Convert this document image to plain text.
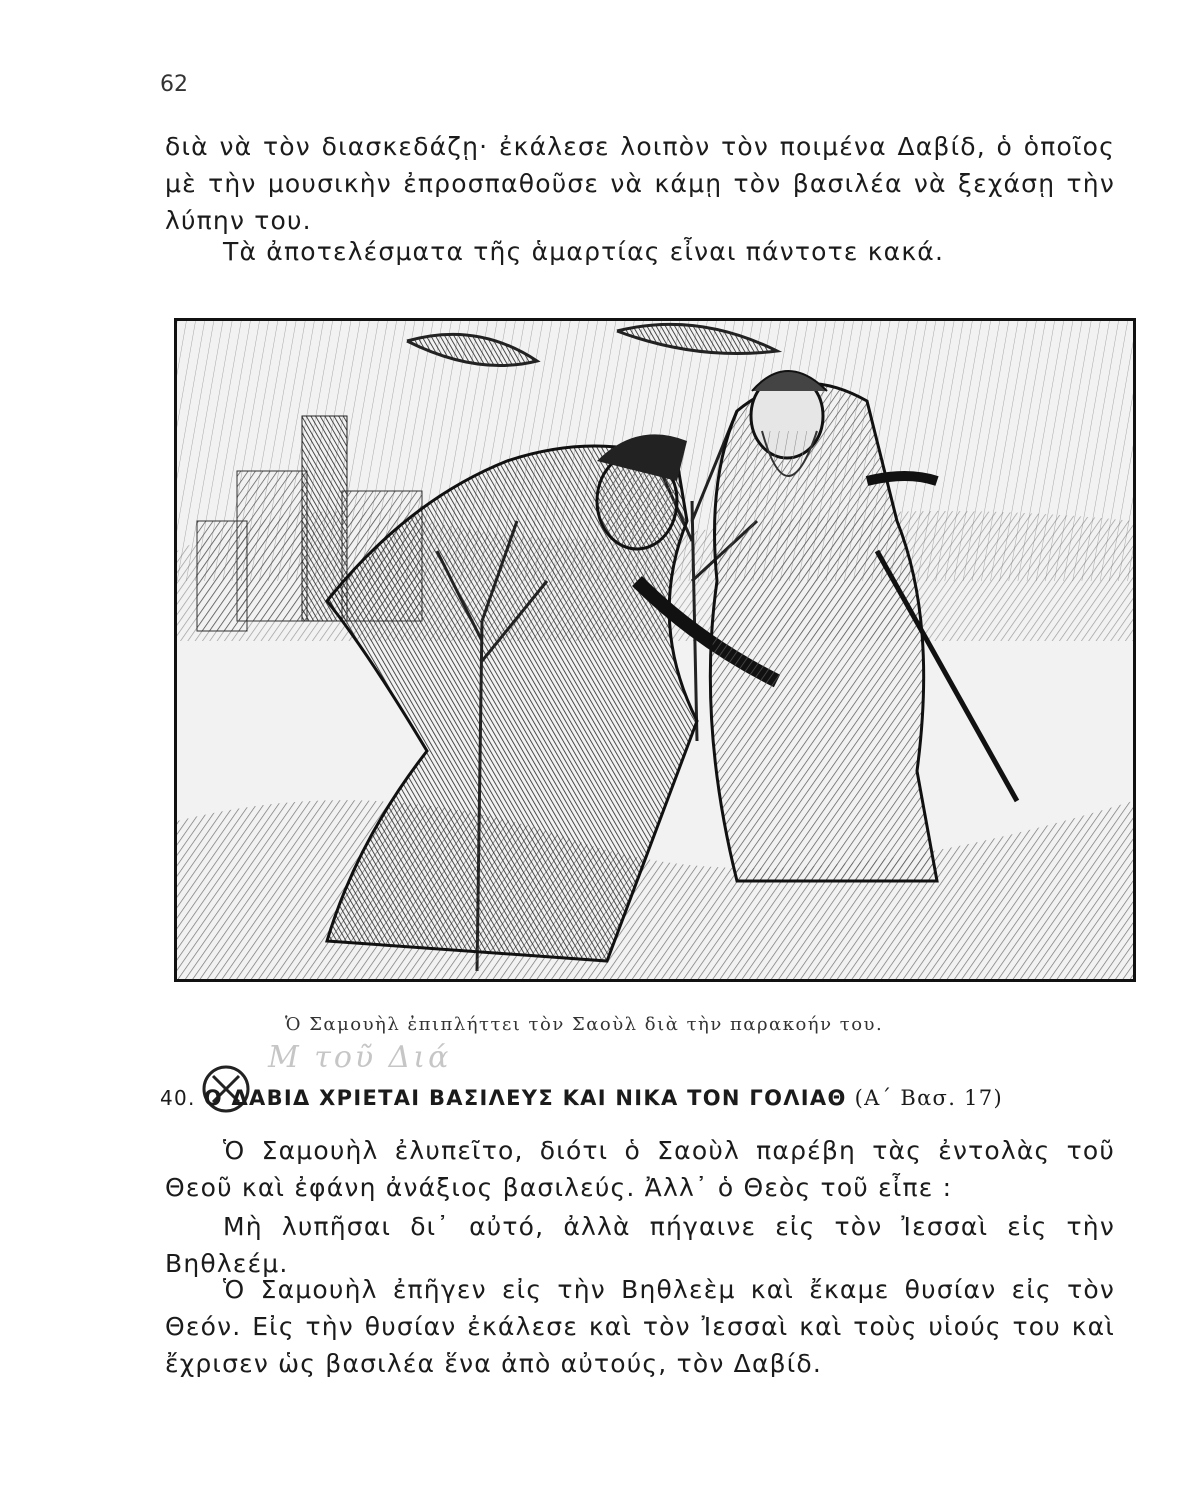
62

διὰ νὰ τὸν διασκεδάζῃ· ἐκάλεσε λοιπὸν τὸν ποιμένα Δαβίδ, ὁ ὁποῖος μὲ τὴν μουσικὴν ἐπροσπαθοῦσε νὰ κάμῃ τὸν βασιλέα νὰ ξεχάσῃ τὴν λύπην του.

Τὰ ἀποτελέσματα τῆς ἁμαρτίας εἶναι πάντοτε κακά.

Ὁ Σαμουὴλ ἐπιπλήττει τὸν Σαοὺλ διὰ τὴν παρακοήν του.
M τοῦ Διά
40. Ο ΔΑΒΙΔ ΧΡΙΕΤΑΙ ΒΑΣΙΛΕΥΣ ΚΑΙ ΝΙΚΑ ΤΟΝ ΓΟΛΙΑΘ (Α΄ Βασ. 17)

Ὁ Σαμουὴλ ἐλυπεῖτο, διότι ὁ Σαοὺλ παρέβη τὰς ἐντολὰς τοῦ Θεοῦ καὶ ἐφάνη ἀνάξιος βασιλεύς. Ἀλλ᾽ ὁ Θεὸς τοῦ εἶπε :

Μὴ λυπῆσαι δι᾽ αὐτό, ἀλλὰ πήγαινε εἰς τὸν Ἰεσσαὶ εἰς τὴν Βηθλεέμ.

Ὁ Σαμουὴλ ἐπῆγεν εἰς τὴν Βηθλεὲμ καὶ ἔκαμε θυσίαν εἰς τὸν Θεόν. Εἰς τὴν θυσίαν ἐκάλεσε καὶ τὸν Ἰεσσαὶ καὶ τοὺς υἱούς του καὶ ἔχρισεν ὡς βασιλέα ἕνα ἀπὸ αὐτούς, τὸν Δαβίδ.
